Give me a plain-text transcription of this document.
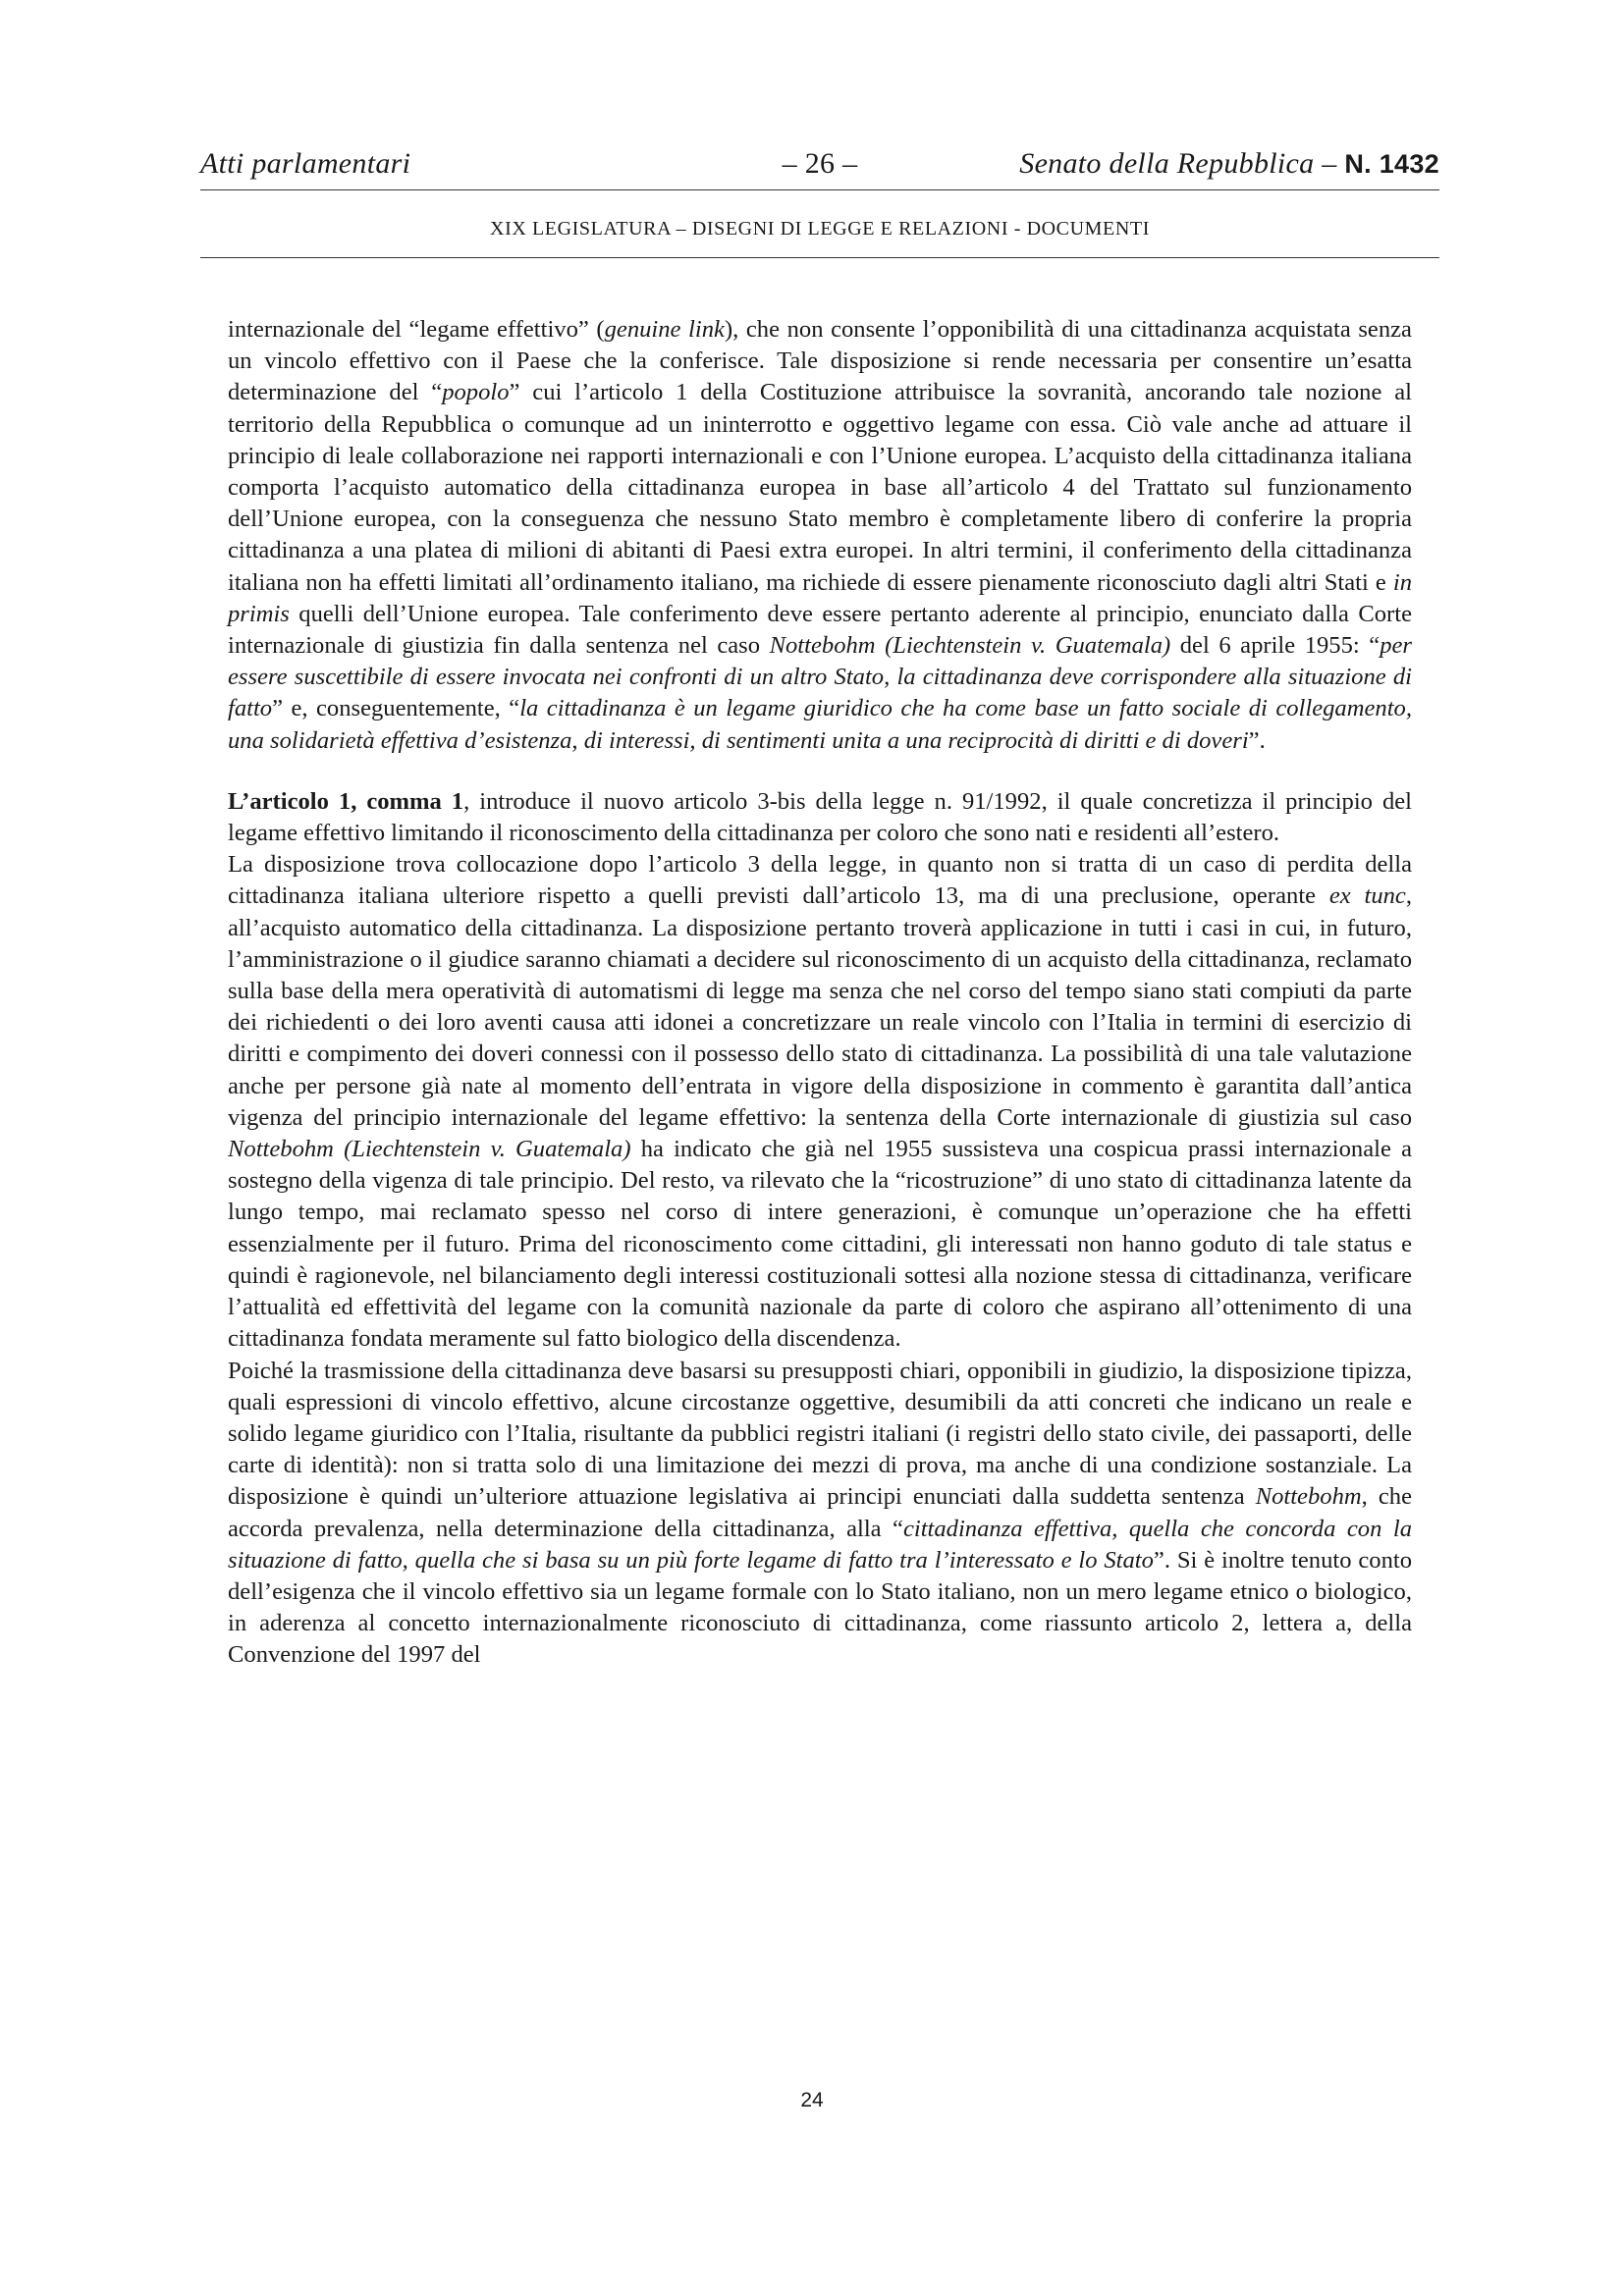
Atti parlamentari	– 26 –	Senato della Repubblica – N. 1432
XIX LEGISLATURA – DISEGNI DI LEGGE E RELAZIONI - DOCUMENTI

internazionale del “legame effettivo” (genuine link), che non consente l’opponibilità di una cittadinanza acquistata senza un vincolo effettivo con il Paese che la conferisce. Tale disposizione si rende necessaria per consentire un’esatta determinazione del “popolo” cui l’articolo 1 della Costituzione attribuisce la sovranità, ancorando tale nozione al territorio della Repubblica o comunque ad un ininterrotto e oggettivo legame con essa. Ciò vale anche ad attuare il principio di leale collaborazione nei rapporti internazionali e con l’Unione europea. L’acquisto della cittadinanza italiana comporta l’acquisto automatico della cittadinanza europea in base all’articolo 4 del Trattato sul funzionamento dell’Unione europea, con la conseguenza che nessuno Stato membro è completamente libero di conferire la propria cittadinanza a una platea di milioni di abitanti di Paesi extra europei. In altri termini, il conferimento della cittadinanza italiana non ha effetti limitati all’ordinamento italiano, ma richiede di essere pienamente riconosciuto dagli altri Stati e in primis quelli dell’Unione europea. Tale conferimento deve essere pertanto aderente al principio, enunciato dalla Corte internazionale di giustizia fin dalla sentenza nel caso Nottebohm (Liechtenstein v. Guatemala) del 6 aprile 1955: “per essere suscettibile di essere invocata nei confronti di un altro Stato, la cittadinanza deve corrispondere alla situazione di fatto” e, conseguentemente, “la cittadinanza è un legame giuridico che ha come base un fatto sociale di collegamento, una solidarietà effettiva d’esistenza, di interessi, di sentimenti unita a una reciprocità di diritti e di doveri”.

L’articolo 1, comma 1, introduce il nuovo articolo 3-bis della legge n. 91/1992, il quale concretizza il principio del legame effettivo limitando il riconoscimento della cittadinanza per coloro che sono nati e residenti all’estero.

La disposizione trova collocazione dopo l’articolo 3 della legge, in quanto non si tratta di un caso di perdita della cittadinanza italiana ulteriore rispetto a quelli previsti dall’articolo 13, ma di una preclusione, operante ex tunc, all’acquisto automatico della cittadinanza. La disposizione pertanto troverà applicazione in tutti i casi in cui, in futuro, l’amministrazione o il giudice saranno chiamati a decidere sul riconoscimento di un acquisto della cittadinanza, reclamato sulla base della mera operatività di automatismi di legge ma senza che nel corso del tempo siano stati compiuti da parte dei richiedenti o dei loro aventi causa atti idonei a concretizzare un reale vincolo con l’Italia in termini di esercizio di diritti e compimento dei doveri connessi con il possesso dello stato di cittadinanza. La possibilità di una tale valutazione anche per persone già nate al momento dell’entrata in vigore della disposizione in commento è garantita dall’antica vigenza del principio internazionale del legame effettivo: la sentenza della Corte internazionale di giustizia sul caso Nottebohm (Liechtenstein v. Guatemala) ha indicato che già nel 1955 sussisteva una cospicua prassi internazionale a sostegno della vigenza di tale principio. Del resto, va rilevato che la “ricostruzione” di uno stato di cittadinanza latente da lungo tempo, mai reclamato spesso nel corso di intere generazioni, è comunque un’operazione che ha effetti essenzialmente per il futuro. Prima del riconoscimento come cittadini, gli interessati non hanno goduto di tale status e quindi è ragionevole, nel bilanciamento degli interessi costituzionali sottesi alla nozione stessa di cittadinanza, verificare l’attualità ed effettività del legame con la comunità nazionale da parte di coloro che aspirano all’ottenimento di una cittadinanza fondata meramente sul fatto biologico della discendenza.

Poiché la trasmissione della cittadinanza deve basarsi su presupposti chiari, opponibili in giudizio, la disposizione tipizza, quali espressioni di vincolo effettivo, alcune circostanze oggettive, desumibili da atti concreti che indicano un reale e solido legame giuridico con l’Italia, risultante da pubblici registri italiani (i registri dello stato civile, dei passaporti, delle carte di identità): non si tratta solo di una limitazione dei mezzi di prova, ma anche di una condizione sostanziale. La disposizione è quindi un’ulteriore attuazione legislativa ai principi enunciati dalla suddetta sentenza Nottebohm, che accorda prevalenza, nella determinazione della cittadinanza, alla “cittadinanza effettiva, quella che concorda con la situazione di fatto, quella che si basa su un più forte legame di fatto tra l’interessato e lo Stato”. Si è inoltre tenuto conto dell’esigenza che il vincolo effettivo sia un legame formale con lo Stato italiano, non un mero legame etnico o biologico, in aderenza al concetto internazionalmente riconosciuto di cittadinanza, come riassunto articolo 2, lettera a, della Convenzione del 1997 del

24
